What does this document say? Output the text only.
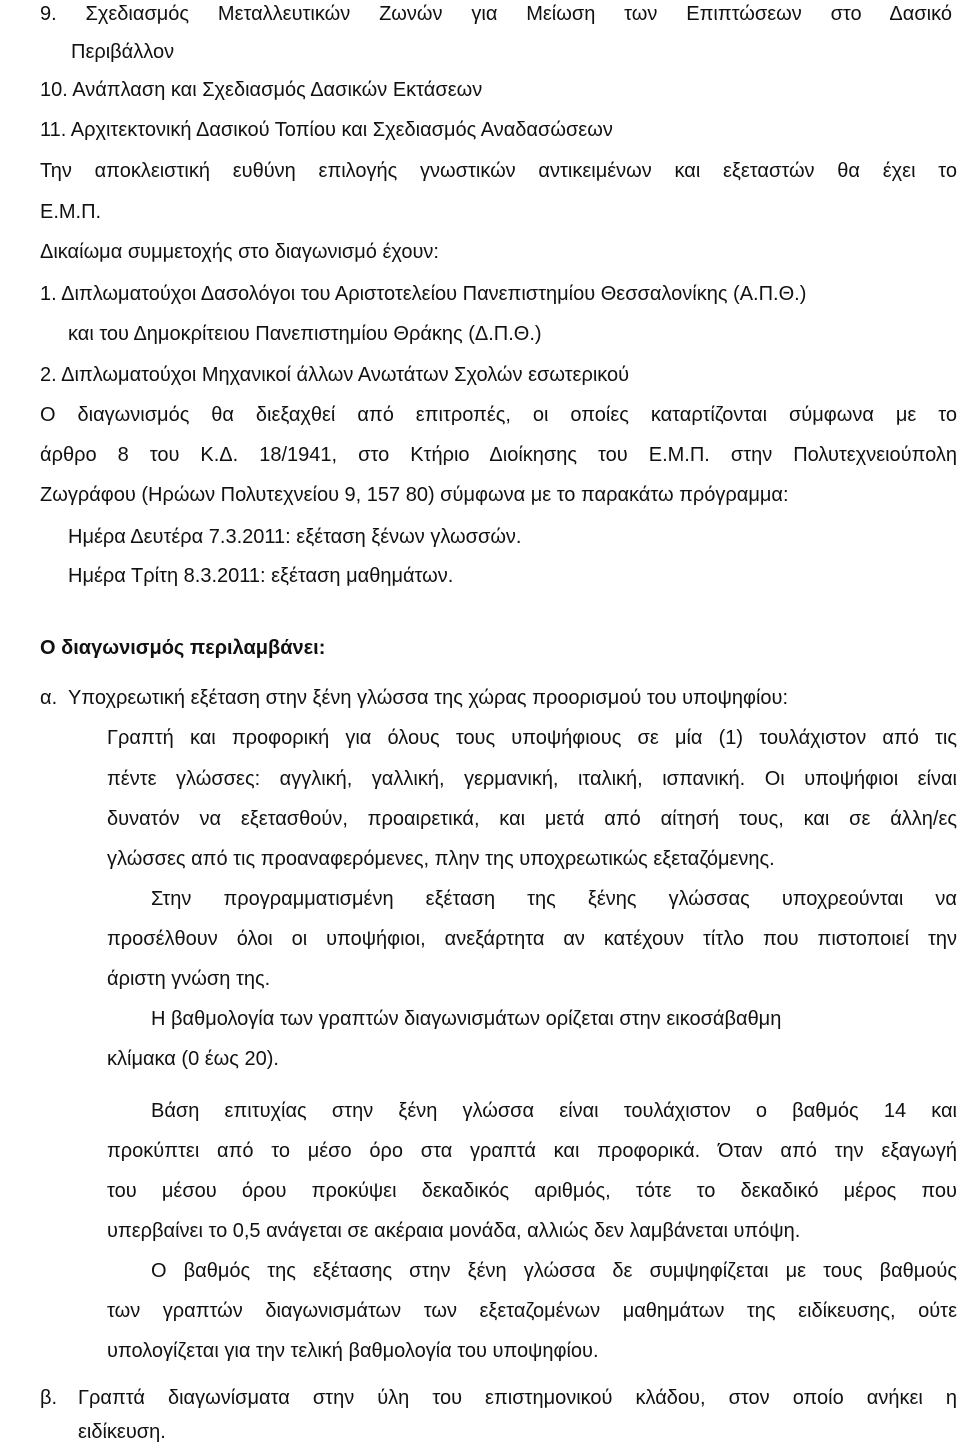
9. Σχεδιασμός Μεταλλευτικών Ζωνών για Μείωση των Επιπτώσεων στο Δασικό
Περιβάλλον
10. Ανάπλαση και Σχεδιασμός Δασικών Εκτάσεων
11. Αρχιτεκτονική Δασικού Τοπίου και Σχεδιασμός Αναδασώσεων
Την αποκλειστική ευθύνη επιλογής γνωστικών αντικειμένων και εξεταστών θα έχει το
Ε.Μ.Π.
Δικαίωμα συμμετοχής στο διαγωνισμό έχουν:
1. Διπλωματούχοι Δασολόγοι του Αριστοτελείου Πανεπιστημίου Θεσσαλονίκης (Α.Π.Θ.)
και του Δημοκρίτειου Πανεπιστημίου Θράκης (Δ.Π.Θ.)
2. Διπλωματούχοι Μηχανικοί άλλων Ανωτάτων Σχολών εσωτερικού
Ο διαγωνισμός θα διεξαχθεί από επιτροπές, οι οποίες καταρτίζονται σύμφωνα με το
άρθρο 8 του Κ.Δ. 18/1941, στο Κτήριο Διοίκησης του Ε.Μ.Π. στην Πολυτεχνειούπολη
Ζωγράφου (Ηρώων Πολυτεχνείου 9, 157 80) σύμφωνα με το παρακάτω πρόγραμμα:
Ημέρα Δευτέρα 7.3.2011: εξέταση ξένων γλωσσών.
Ημέρα Τρίτη 8.3.2011: εξέταση μαθημάτων.
Ο διαγωνισμός περιλαμβάνει:
α. Υποχρεωτική εξέταση στην ξένη γλώσσα της χώρας προορισμού του υποψηφίου:
Γραπτή και προφορική για όλους τους υποψήφιους σε μία (1) τουλάχιστον από τις
πέντε γλώσσες: αγγλική, γαλλική, γερμανική, ιταλική, ισπανική. Οι υποψήφιοι είναι
δυνατόν να εξετασθούν, προαιρετικά, και μετά από αίτησή τους, και σε άλλη/ες
γλώσσες από τις προαναφερόμενες, πλην της υποχρεωτικώς εξεταζόμενης.
Στην προγραμματισμένη εξέταση της ξένης γλώσσας υποχρεούνται να
προσέλθουν όλοι οι υποψήφιοι, ανεξάρτητα αν κατέχουν τίτλο που πιστοποιεί την
άριστη γνώση της.
Η βαθμολογία των γραπτών διαγωνισμάτων ορίζεται στην εικοσάβαθμη
κλίμακα (0 έως 20).
Βάση επιτυχίας στην ξένη γλώσσα είναι τουλάχιστον ο βαθμός 14 και
προκύπτει από το μέσο όρο στα γραπτά και προφορικά. Όταν από την εξαγωγή
του μέσου όρου προκύψει δεκαδικός αριθμός, τότε το δεκαδικό μέρος που
υπερβαίνει το 0,5 ανάγεται σε ακέραια μονάδα, αλλιώς δεν λαμβάνεται υπόψη.
Ο βαθμός της εξέτασης στην ξένη γλώσσα δε συμψηφίζεται με τους βαθμούς
των γραπτών διαγωνισμάτων των εξεταζομένων μαθημάτων της ειδίκευσης, ούτε
υπολογίζεται για την τελική βαθμολογία του υποψηφίου.
β. Γραπτά διαγωνίσματα στην ύλη του επιστημονικού κλάδου, στον οποίο ανήκει η
ειδίκευση.
